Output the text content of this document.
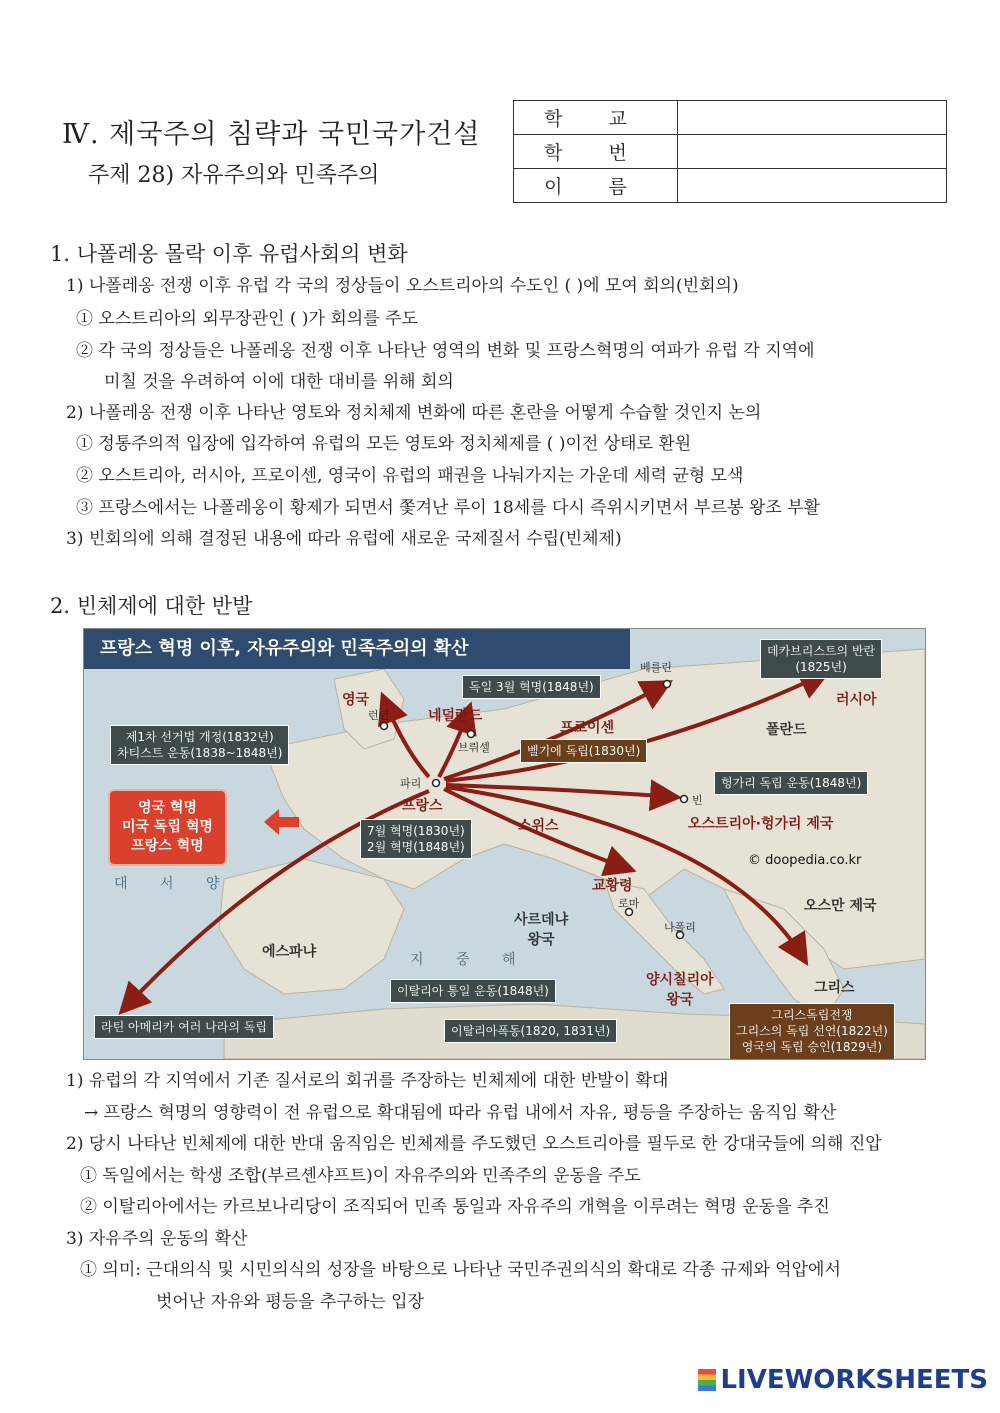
Ⅳ. 제국주의 침략과 국민국가건설
주제 28) 자유주의와 민족주의
학 교	
학 번	
이 름	
1. 나폴레옹 몰락 이후 유럽사회의 변화
1) 나폴레옹 전쟁 이후 유럽 각 국의 정상들이 오스트리아의 수도인 ( )에 모여 회의(빈회의)
① 오스트리아의 외무장관인 ( )가 회의를 주도
② 각 국의 정상들은 나폴레옹 전쟁 이후 나타난 영역의 변화 및 프랑스혁명의 여파가 유럽 각 지역에
미칠 것을 우려하여 이에 대한 대비를 위해 회의
2) 나폴레옹 전쟁 이후 나타난 영토와 정치체제 변화에 따른 혼란을 어떻게 수습할 것인지 논의
① 정통주의적 입장에 입각하여 유럽의 모든 영토와 정치체제를 ( )이전 상태로 환원
② 오스트리아, 러시아, 프로이센, 영국이 유럽의 패권을 나눠가지는 가운데 세력 균형 모색
③ 프랑스에서는 나폴레옹이 황제가 되면서 쫓겨난 루이 18세를 다시 즉위시키면서 부르봉 왕조 부활
3) 빈회의에 의해 결정된 내용에 따라 유럽에 새로운 국제질서 수립(빈체제)
2. 빈체제에 대한 반발
프랑스 혁명 이후, 자유주의와 민족주의의 확산	데카브리스트의 반란
(1825년)
독일 3월 혁명(1848년)
제1차 선거법 개정(1832년)
차티스트 운동(1838~1848년)	벨기에 독립(1830년)
헝가리 독립 운동(1848년)
영국 혁명
미국 독립 혁명
프랑스 혁명
7월 혁명(1830년)
2월 혁명(1848년)
이탈리아 통일 운동(1848년)
라틴 아메리카 여러 나라의 독립	이탈리아폭동(1820, 1831년)
그리스독립전쟁
그리스의 독립 선언(1822년)
영국의 독립 승인(1829년)
영국
런던	네덜란드
브뤼셀
프로이센
베를린
러시아
폴란드
파리
프랑스	빈
오스트리아·헝가리 제국
스위스
© doopedia.co.kr
대 서 양	교황령
로마	오스만 제국
사르데냐
왕국
나폴리
에스파냐	지 중 해
양시칠리아
왕국
그리스
1) 유럽의 각 지역에서 기존 질서로의 회귀를 주장하는 빈체제에 대한 반발이 확대
→ 프랑스 혁명의 영향력이 전 유럽으로 확대됨에 따라 유럽 내에서 자유, 평등을 주장하는 움직임 확산
2) 당시 나타난 빈체제에 대한 반대 움직임은 빈체제를 주도했던 오스트리아를 필두로 한 강대국들에 의해 진압
① 독일에서는 학생 조합(부르셴샤프트)이 자유주의와 민족주의 운동을 주도
② 이탈리아에서는 카르보나리당이 조직되어 민족 통일과 자유주의 개혁을 이루려는 혁명 운동을 추진
3) 자유주의 운동의 확산
① 의미: 근대의식 및 시민의식의 성장을 바탕으로 나타난 국민주권의식의 확대로 각종 규제와 억압에서
벗어난 자유와 평등을 추구하는 입장
LIVEWORKSHEETS
